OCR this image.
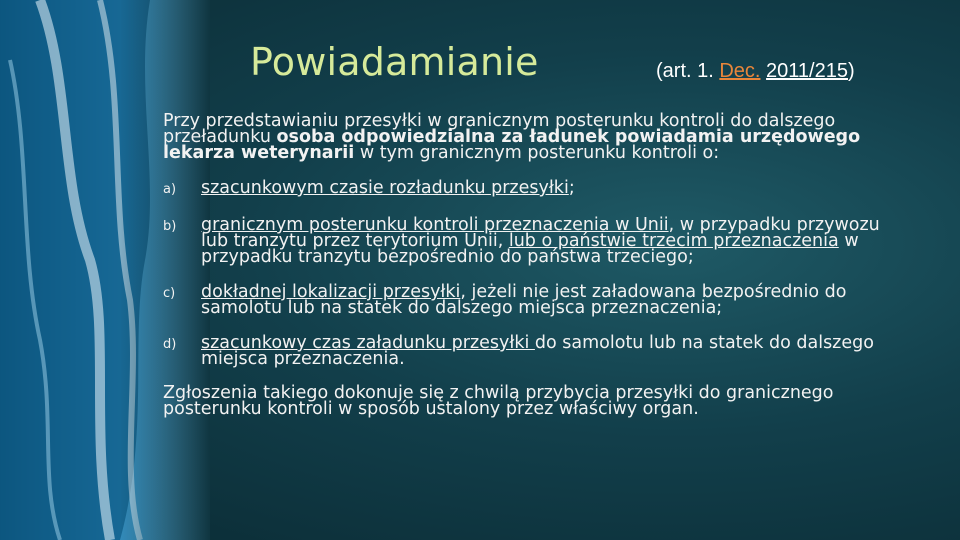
Powiadamianie	(art. 1. Dec. 2011/215)

Przy przedstawianiu przesyłki w granicznym posterunku kontroli do dalszego przeładunku osoba odpowiedzialna za ładunek powiadamia urzędowego lekarza weterynarii w tym granicznym posterunku kontroli o:

a)	szacunkowym czasie rozładunku przesyłki;
b)	granicznym posterunku kontroli przeznaczenia w Unii, w przypadku przywozu lub tranzytu przez terytorium Unii, lub o państwie trzecim przeznaczenia w przypadku tranzytu bezpośrednio do państwa trzeciego;
c)	dokładnej lokalizacji przesyłki, jeżeli nie jest załadowana bezpośrednio do samolotu lub na statek do dalszego miejsca przeznaczenia;
d)	szacunkowy czas załadunku przesyłki do samolotu lub na statek do dalszego miejsca przeznaczenia.

Zgłoszenia takiego dokonuje się z chwilą przybycia przesyłki do granicznego posterunku kontroli w sposób ustalony przez właściwy organ.
